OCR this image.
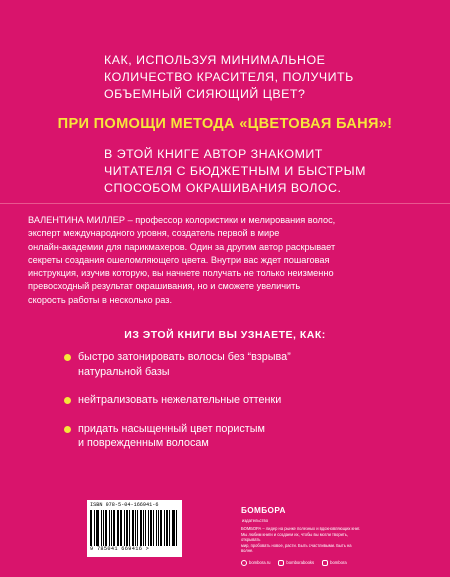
КАК, ИСПОЛЬЗУЯ МИНИМАЛЬНОЕ
КОЛИЧЕСТВО КРАСИТЕЛЯ, ПОЛУЧИТЬ
ОБЪЕМНЫЙ СИЯЮЩИЙ ЦВЕТ?
ПРИ ПОМОЩИ МЕТОДА «ЦВЕТОВАЯ БАНЯ»!
В ЭТОЙ КНИГЕ АВТОР ЗНАКОМИТ
ЧИТАТЕЛЯ С БЮДЖЕТНЫМ И БЫСТРЫМ
СПОСОБОМ ОКРАШИВАНИЯ ВОЛОС.
ВАЛЕНТИНА МИЛЛЕР – профессор колористики и мелирования волос,
эксперт международного уровня, создатель первой в мире
онлайн-академии для парикмахеров. Один за другим автор раскрывает
секреты создания ошеломляющего цвета. Внутри вас ждет пошаговая
инструкция, изучив которую, вы начнете получать не только неизменно
превосходный результат окрашивания, но и сможете увеличить
скорость работы в несколько раз.
ИЗ ЭТОЙ КНИГИ ВЫ УЗНАЕТЕ, КАК:
быстро затонировать волосы без “взрыва”
натуральной базы
нейтрализовать нежелательные оттенки
придать насыщенный цвет пористым
и поврежденным волосам
ISBN 978-5-04-166941-6
9 785041 669416 >
БОМБОРА
издательство
БОМБОРА – лидер на рынке полезных и вдохновляющих книг.
Мы любим книги и создаем их, чтобы вы могли творить, открывать
мир, пробовать новое, расти. Быть счастливыми. Быть на волне.
bombora.ru	bomborabooks	bombora
